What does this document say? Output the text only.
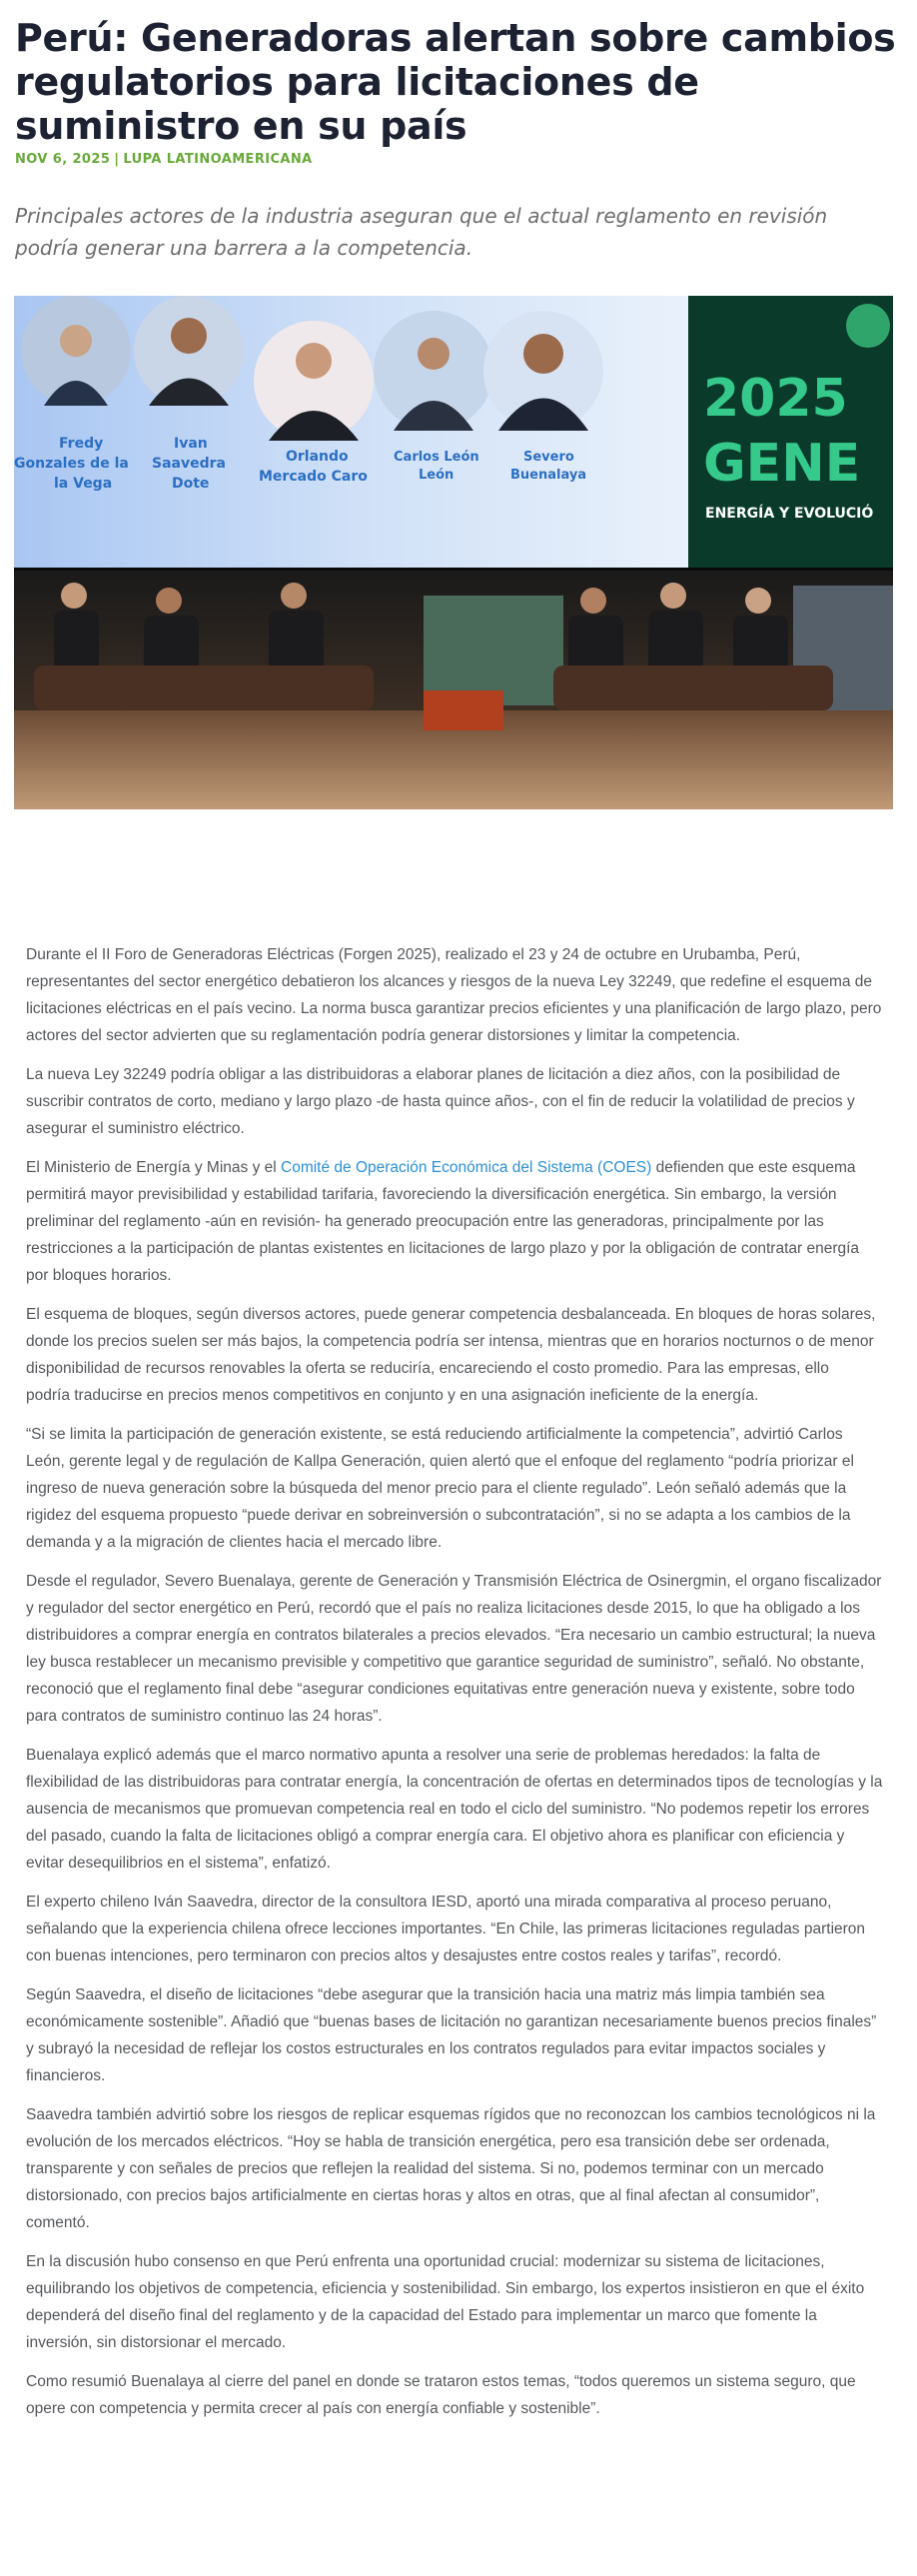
Perú: Generadoras alertan sobre cambios regulatorios para licitaciones de suministro en su país
NOV 6, 2025 | LUPA LATINOAMERICANA

Principales actores de la industria aseguran que el actual reglamento en revisión podría generar una barrera a la competencia.

2025
GENE
ENERGÍA Y EVOLUCIÓ
Fredy
Gonzales de la
la Vega
Ivan
Saavedra
Dote
Orlando
Mercado Caro
Carlos León
León
Severo
Buenalaya

Durante el II Foro de Generadoras Eléctricas (Forgen 2025), realizado el 23 y 24 de octubre en Urubamba, Perú, representantes del sector energético debatieron los alcances y riesgos de la nueva Ley 32249, que redefine el esquema de licitaciones eléctricas en el país vecino. La norma busca garantizar precios eficientes y una planificación de largo plazo, pero actores del sector advierten que su reglamentación podría generar distorsiones y limitar la competencia.

La nueva Ley 32249 podría obligar a las distribuidoras a elaborar planes de licitación a diez años, con la posibilidad de suscribir contratos de corto, mediano y largo plazo -de hasta quince años-, con el fin de reducir la volatilidad de precios y asegurar el suministro eléctrico.

El Ministerio de Energía y Minas y el Comité de Operación Económica del Sistema (COES) defienden que este esquema permitirá mayor previsibilidad y estabilidad tarifaria, favoreciendo la diversificación energética. Sin embargo, la versión preliminar del reglamento -aún en revisión- ha generado preocupación entre las generadoras, principalmente por las
restricciones a la participación de plantas existentes en licitaciones de largo plazo y por la obligación de contratar energía por bloques horarios.

El esquema de bloques, según diversos actores, puede generar competencia desbalanceada. En bloques de horas solares, donde los precios suelen ser más bajos, la competencia podría ser intensa, mientras que en horarios nocturnos o de menor disponibilidad de recursos renovables la oferta se reduciría, encareciendo el costo promedio. Para las empresas, ello
podría traducirse en precios menos competitivos en conjunto y en una asignación ineficiente de la energía.

“Si se limita la participación de generación existente, se está reduciendo artificialmente la competencia”, advirtió Carlos León, gerente legal y de regulación de Kallpa Generación, quien alertó que el enfoque del reglamento “podría priorizar el ingreso de nueva generación sobre la búsqueda del menor precio para el cliente regulado”. León señaló además que la rigidez del esquema propuesto “puede derivar en sobreinversión o subcontratación”, si no se adapta a los cambios de la demanda y a la migración de clientes hacia el mercado libre.

Desde el regulador, Severo Buenalaya, gerente de Generación y Transmisión Eléctrica de Osinergmin, el organo fiscalizador y regulador del sector energético en Perú, recordó que el país no realiza licitaciones desde 2015, lo que ha obligado a los distribuidores a comprar energía en contratos bilaterales a precios elevados. “Era necesario un cambio estructural; la nueva ley busca restablecer un mecanismo previsible y competitivo que garantice seguridad de suministro”, señaló. No obstante, reconoció que el reglamento final debe “asegurar condiciones equitativas entre generación nueva y existente, sobre todo para contratos de suministro continuo las 24 horas”.

Buenalaya explicó además que el marco normativo apunta a resolver una serie de problemas heredados: la falta de flexibilidad de las distribuidoras para contratar energía, la concentración de ofertas en determinados tipos de tecnologías y la ausencia de mecanismos que promuevan competencia real en todo el ciclo del suministro. “No podemos repetir los errores del pasado, cuando la falta de licitaciones obligó a comprar energía cara. El objetivo ahora es planificar con eficiencia y evitar desequilibrios en el sistema”, enfatizó.

El experto chileno Iván Saavedra, director de la consultora IESD, aportó una mirada comparativa al proceso peruano, señalando que la experiencia chilena ofrece lecciones importantes. “En Chile, las primeras licitaciones reguladas partieron con buenas intenciones, pero terminaron con precios altos y desajustes entre costos reales y tarifas”, recordó.

Según Saavedra, el diseño de licitaciones “debe asegurar que la transición hacia una matriz más limpia también sea económicamente sostenible”. Añadió que “buenas bases de licitación no garantizan necesariamente buenos precios finales” y subrayó la necesidad de reflejar los costos estructurales en los contratos regulados para evitar impactos sociales y financieros.

Saavedra también advirtió sobre los riesgos de replicar esquemas rígidos que no reconozcan los cambios tecnológicos ni la evolución de los mercados eléctricos. “Hoy se habla de transición energética, pero esa transición debe ser ordenada, transparente y con señales de precios que reflejen la realidad del sistema. Si no, podemos terminar con un mercado distorsionado, con precios bajos artificialmente en ciertas horas y altos en otras, que al final afectan al consumidor”, comentó.

En la discusión hubo consenso en que Perú enfrenta una oportunidad crucial: modernizar su sistema de licitaciones, equilibrando los objetivos de competencia, eficiencia y sostenibilidad. Sin embargo, los expertos insistieron en que el éxito dependerá del diseño final del reglamento y de la capacidad del Estado para implementar un marco que fomente la inversión, sin distorsionar el mercado.

Como resumió Buenalaya al cierre del panel en donde se trataron estos temas, “todos queremos un sistema seguro, que opere con competencia y permita crecer al país con energía confiable y sostenible”.
